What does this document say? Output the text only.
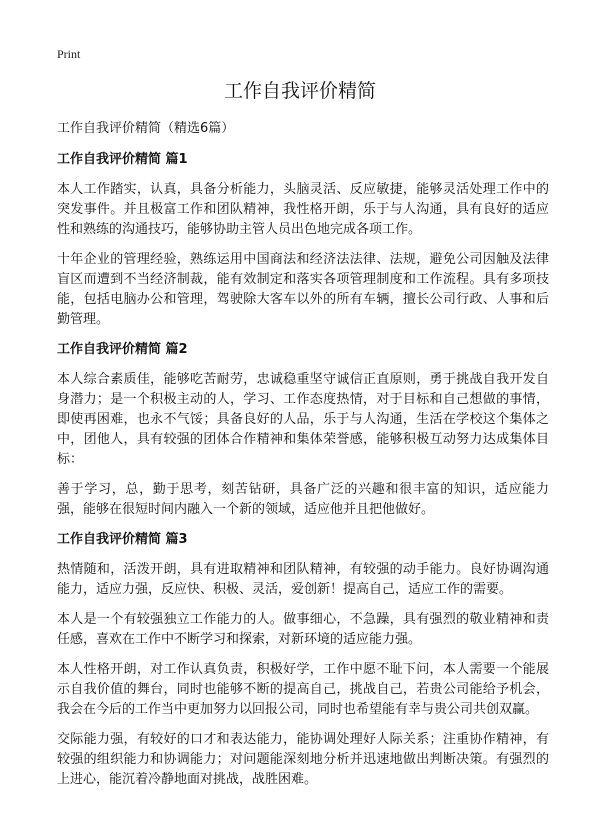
Print
工作自我评价精简

工作自我评价精简（精选6篇）

工作自我评价精简 篇1

本人工作踏实，认真，具备分析能力，头脑灵活、反应敏捷，能够灵活处理工作中的突发事件。并且极富工作和团队精神，我性格开朗，乐于与人沟通，具有良好的适应性和熟练的沟通技巧，能够协助主管人员出色地完成各项工作。

十年企业的管理经验，熟练运用中国商法和经济法法律、法规，避免公司因触及法律盲区而遭到不当经济制裁，能有效制定和落实各项管理制度和工作流程。具有多项技能，包括电脑办公和管理，驾驶除大客车以外的所有车辆，擅长公司行政、人事和后勤管理。

工作自我评价精简 篇2

本人综合素质佳，能够吃苦耐劳，忠诚稳重坚守诚信正直原则，勇于挑战自我开发自身潜力；是一个积极主动的人，学习、工作态度热情，对于目标和自己想做的事情，即使再困难，也永不气馁；具备良好的人品，乐于与人沟通，生活在学校这个集体之中，团他人，具有较强的团体合作精神和集体荣誉感，能够积极互动努力达成集体目标：

善于学习，总，勤于思考，刻苦钻研，具备广泛的兴趣和很丰富的知识，适应能力强，能够在很短时间内融入一个新的领域，适应他并且把他做好。

工作自我评价精简 篇3

热情随和，活泼开朗，具有进取精神和团队精神，有较强的动手能力。良好协调沟通能力，适应力强，反应快、积极、灵活，爱创新！提高自己，适应工作的需要。

本人是一个有较强独立工作能力的人。做事细心，不急躁，具有强烈的敬业精神和责任感，喜欢在工作中不断学习和探索，对新环境的适应能力强。

本人性格开朗，对工作认真负责，积极好学，工作中愿不耻下问，本人需要一个能展示自我价值的舞台，同时也能够不断的提高自己，挑战自己，若贵公司能给予机会，我会在今后的工作当中更加努力以回报公司，同时也希望能有幸与贵公司共创双赢。

交际能力强，有较好的口才和表达能力，能协调处理好人际关系；注重协作精神，有较强的组织能力和协调能力；对问题能深刻地分析并迅速地做出判断决策。有强烈的上进心，能沉着冷静地面对挑战，战胜困难。
